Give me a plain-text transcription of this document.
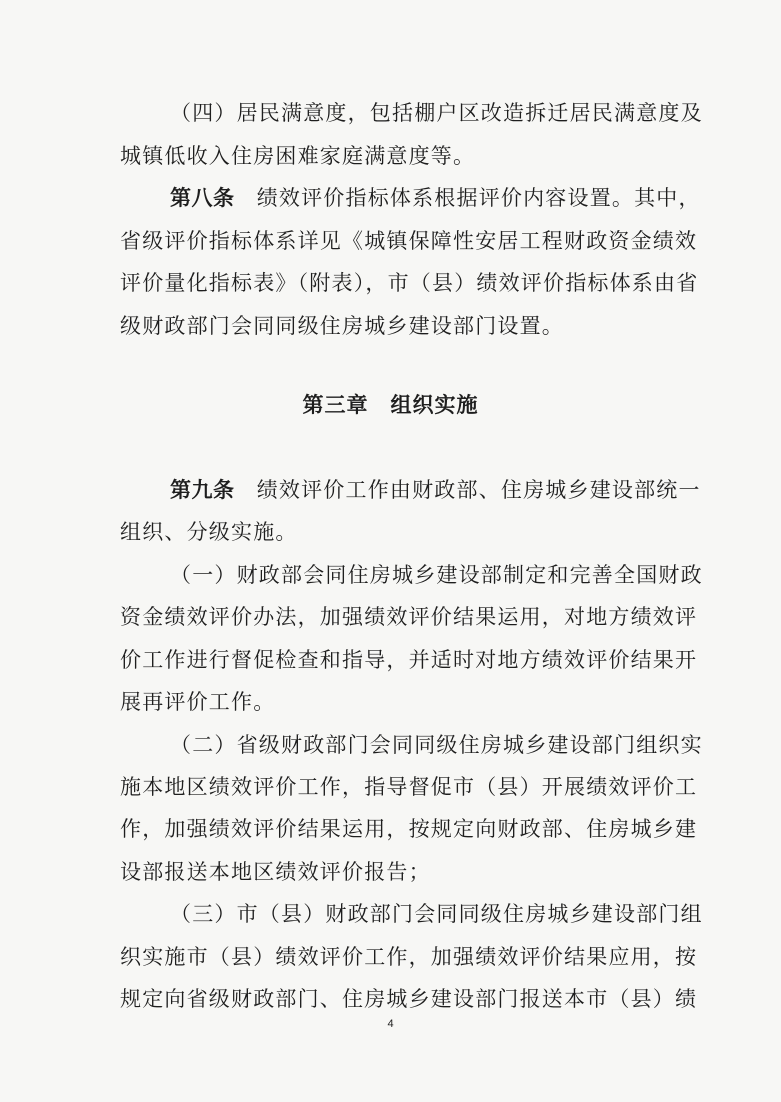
（四）居民满意度，包括棚户区改造拆迁居民满意度及
城镇低收入住房困难家庭满意度等。
第八条  绩效评价指标体系根据评价内容设置。其中，
省级评价指标体系详见《城镇保障性安居工程财政资金绩效
评价量化指标表》（附表），市（县）绩效评价指标体系由省
级财政部门会同同级住房城乡建设部门设置。
第三章　组织实施
第九条  绩效评价工作由财政部、住房城乡建设部统一
组织、分级实施。
（一）财政部会同住房城乡建设部制定和完善全国财政
资金绩效评价办法，加强绩效评价结果运用，对地方绩效评
价工作进行督促检查和指导，并适时对地方绩效评价结果开
展再评价工作。
（二）省级财政部门会同同级住房城乡建设部门组织实
施本地区绩效评价工作，指导督促市（县）开展绩效评价工
作，加强绩效评价结果运用，按规定向财政部、住房城乡建
设部报送本地区绩效评价报告；
（三）市（县）财政部门会同同级住房城乡建设部门组
织实施市（县）绩效评价工作，加强绩效评价结果应用，按
规定向省级财政部门、住房城乡建设部门报送本市（县）绩
4
